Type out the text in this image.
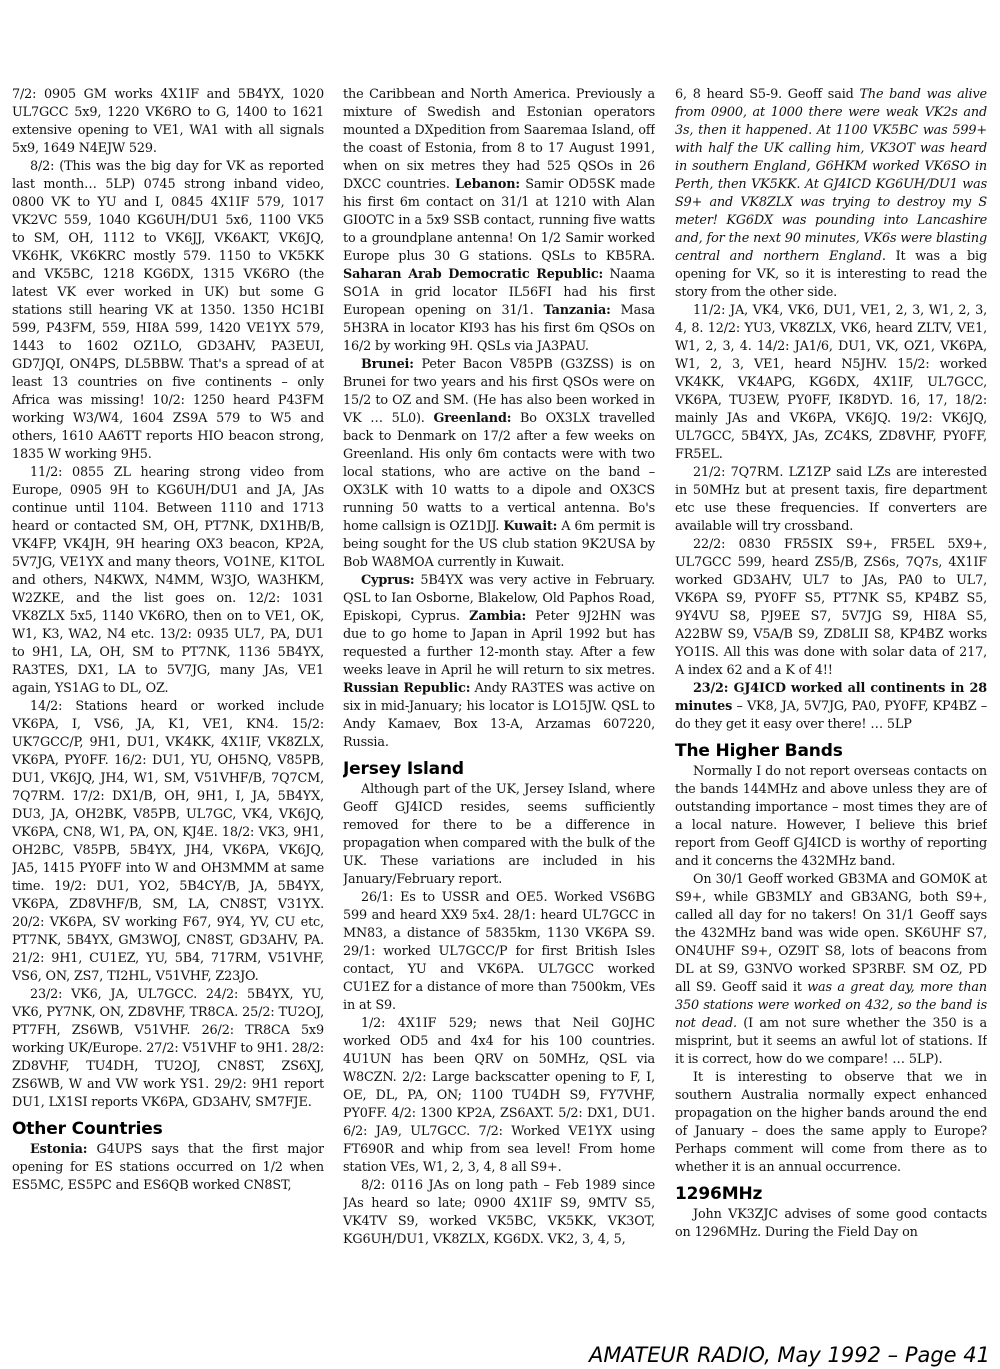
7/2: 0905 GM works 4X1IF and 5B4YX, 1020 UL7GCC 5x9, 1220 VK6RO to G, 1400 to 1621 extensive opening to VE1, WA1 with all signals 5x9, 1649 N4EJW 529.

8/2: (This was the big day for VK as reported last month… 5LP) 0745 strong inband video, 0800 VK to YU and I, 0845 4X1IF 579, 1017 VK2VC 559, 1040 KG6UH/DU1 5x6, 1100 VK5 to SM, OH, 1112 to VK6JJ, VK6AKT, VK6JQ, VK6HK, VK6KRC mostly 579. 1150 to VK5KK and VK5BC, 1218 KG6DX, 1315 VK6RO (the latest VK ever worked in UK) but some G stations still hearing VK at 1350. 1350 HC1BI 599, P43FM, 559, HI8A 599, 1420 VE1YX 579, 1443 to 1602 OZ1LO, GD3AHV, PA3EUI, GD7JQI, ON4PS, DL5BBW. That's a spread of at least 13 countries on five continents – only Africa was missing! 10/2: 1250 heard P43FM working W3/W4, 1604 ZS9A 579 to W5 and others, 1610 AA6TT reports HIO beacon strong, 1835 W working 9H5.

11/2: 0855 ZL hearing strong video from Europe, 0905 9H to KG6UH/DU1 and JA, JAs continue until 1104. Between 1110 and 1713 heard or contacted SM, OH, PT7NK, DX1HB/B, VK4FP, VK4JH, 9H hearing OX3 beacon, KP2A, 5V7JG, VE1YX and many theors, VO1NE, K1TOL and others, N4KWX, N4MM, W3JO, WA3HKM, W2ZKE, and the list goes on. 12/2: 1031 VK8ZLX 5x5, 1140 VK6RO, then on to VE1, OK, W1, K3, WA2, N4 etc. 13/2: 0935 UL7, PA, DU1 to 9H1, LA, OH, SM to PT7NK, 1136 5B4YX, RA3TES, DX1, LA to 5V7JG, many JAs, VE1 again, YS1AG to DL, OZ.

14/2: Stations heard or worked include VK6PA, I, VS6, JA, K1, VE1, KN4. 15/2: UK7GCC/P, 9H1, DU1, VK4KK, 4X1IF, VK8ZLX, VK6PA, PY0FF. 16/2: DU1, YU, OH5NQ, V85PB, DU1, VK6JQ, JH4, W1, SM, V51VHF/B, 7Q7CM, 7Q7RM. 17/2: DX1/B, OH, 9H1, I, JA, 5B4YX, DU3, JA, OH2BK, V85PB, UL7GC, VK4, VK6JQ, VK6PA, CN8, W1, PA, ON, KJ4E. 18/2: VK3, 9H1, OH2BC, V85PB, 5B4YX, JH4, VK6PA, VK6JQ, JA5, 1415 PY0FF into W and OH3MMM at same time. 19/2: DU1, YO2, 5B4CY/B, JA, 5B4YX, VK6PA, ZD8VHF/B, SM, LA, CN8ST, V31YX. 20/2: VK6PA, SV working F67, 9Y4, YV, CU etc, PT7NK, 5B4YX, GM3WOJ, CN8ST, GD3AHV, PA. 21/2: 9H1, CU1EZ, YU, 5B4, 717RM, V51VHF, VS6, ON, ZS7, TI2HL, V51VHF, Z23JO.

23/2: VK6, JA, UL7GCC. 24/2: 5B4YX, YU, VK6, PY7NK, ON, ZD8VHF, TR8CA. 25/2: TU2OJ, PT7FH, ZS6WB, V51VHF. 26/2: TR8CA 5x9 working UK/Europe. 27/2: V51VHF to 9H1. 28/2: ZD8VHF, TU4DH, TU2OJ, CN8ST, ZS6XJ, ZS6WB, W and VW work YS1. 29/2: 9H1 report DU1, LX1SI reports VK6PA, GD3AHV, SM7FJE.

Other Countries

Estonia: G4UPS says that the first major opening for ES stations occurred on 1/2 when ES5MC, ES5PC and ES6QB worked CN8ST,

the Caribbean and North America. Previously a mixture of Swedish and Estonian operators mounted a DXpedition from Saaremaa Island, off the coast of Estonia, from 8 to 17 August 1991, when on six metres they had 525 QSOs in 26 DXCC countries. Lebanon: Samir OD5SK made his first 6m contact on 31/1 at 1210 with Alan GI0OTC in a 5x9 SSB contact, running five watts to a groundplane antenna! On 1/2 Samir worked Europe plus 30 G stations. QSLs to KB5RA. Saharan Arab Democratic Republic: Naama SO1A in grid locator IL56FI had his first European opening on 31/1. Tanzania: Masa 5H3RA in locator KI93 has his first 6m QSOs on 16/2 by working 9H. QSLs via JA3PAU.

Brunei: Peter Bacon V85PB (G3ZSS) is on Brunei for two years and his first QSOs were on 15/2 to OZ and SM. (He has also been worked in VK … 5L0). Greenland: Bo OX3LX travelled back to Denmark on 17/2 after a few weeks on Greenland. His only 6m contacts were with two local stations, who are active on the band – OX3LK with 10 watts to a dipole and OX3CS running 50 watts to a vertical antenna. Bo's home callsign is OZ1DJJ. Kuwait: A 6m permit is being sought for the US club station 9K2USA by Bob WA8MOA currently in Kuwait.

Cyprus: 5B4YX was very active in February. QSL to Ian Osborne, Blakelow, Old Paphos Road, Episkopi, Cyprus. Zambia: Peter 9J2HN was due to go home to Japan in April 1992 but has requested a further 12-month stay. After a few weeks leave in April he will return to six metres. Russian Republic: Andy RA3TES was active on six in mid-January; his locator is LO15JW. QSL to Andy Kamaev, Box 13-A, Arzamas 607220, Russia.

Jersey Island

Although part of the UK, Jersey Island, where Geoff GJ4ICD resides, seems sufficiently removed for there to be a difference in propagation when compared with the bulk of the UK. These variations are included in his January/February report.

26/1: Es to USSR and OE5. Worked VS6BG 599 and heard XX9 5x4. 28/1: heard UL7GCC in MN83, a distance of 5835km, 1130 VK6PA S9. 29/1: worked UL7GCC/P for first British Isles contact, YU and VK6PA. UL7GCC worked CU1EZ for a distance of more than 7500km, VEs in at S9.

1/2: 4X1IF 529; news that Neil G0JHC worked OD5 and 4x4 for his 100 countries. 4U1UN has been QRV on 50MHz, QSL via W8CZN. 2/2: Large backscatter opening to F, I, OE, DL, PA, ON; 1100 TU4DH S9, FY7VHF, PY0FF. 4/2: 1300 KP2A, ZS6AXT. 5/2: DX1, DU1. 6/2: JA9, UL7GCC. 7/2: Worked VE1YX using FT690R and whip from sea level! From home station VEs, W1, 2, 3, 4, 8 all S9+.

8/2: 0116 JAs on long path – Feb 1989 since JAs heard so late; 0900 4X1IF S9, 9MTV S5, VK4TV S9, worked VK5BC, VK5KK, VK3OT, KG6UH/DU1, VK8ZLX, KG6DX. VK2, 3, 4, 5,

6, 8 heard S5-9. Geoff said The band was alive from 0900, at 1000 there were weak VK2s and 3s, then it happened. At 1100 VK5BC was 599+ with half the UK calling him, VK3OT was heard in southern England, G6HKM worked VK6SO in Perth, then VK5KK. At GJ4ICD KG6UH/DU1 was S9+ and VK8ZLX was trying to destroy my S meter! KG6DX was pounding into Lancashire and, for the next 90 minutes, VK6s were blasting central and northern England. It was a big opening for VK, so it is interesting to read the story from the other side.

11/2: JA, VK4, VK6, DU1, VE1, 2, 3, W1, 2, 3, 4, 8. 12/2: YU3, VK8ZLX, VK6, heard ZLTV, VE1, W1, 2, 3, 4. 14/2: JA1/6, DU1, VK, OZ1, VK6PA, W1, 2, 3, VE1, heard N5JHV. 15/2: worked VK4KK, VK4APG, KG6DX, 4X1IF, UL7GCC, VK6PA, TU3EW, PY0FF, IK8DYD. 16, 17, 18/2: mainly JAs and VK6PA, VK6JQ. 19/2: VK6JQ, UL7GCC, 5B4YX, JAs, ZC4KS, ZD8VHF, PY0FF, FR5EL.

21/2: 7Q7RM. LZ1ZP said LZs are interested in 50MHz but at present taxis, fire department etc use these frequencies. If converters are available will try crossband.

22/2: 0830 FR5SIX S9+, FR5EL 5X9+, UL7GCC 599, heard ZS5/B, ZS6s, 7Q7s, 4X1IF worked GD3AHV, UL7 to JAs, PA0 to UL7, VK6PA S9, PY0FF S5, PT7NK S5, KP4BZ S5, 9Y4VU S8, PJ9EE S7, 5V7JG S9, HI8A S5, A22BW S9, V5A/B S9, ZD8LII S8, KP4BZ works YO1IS. All this was done with solar data of 217, A index 62 and a K of 4!!

23/2: GJ4ICD worked all continents in 28 minutes – VK8, JA, 5V7JG, PA0, PY0FF, KP4BZ – do they get it easy over there! … 5LP

The Higher Bands

Normally I do not report overseas contacts on the bands 144MHz and above unless they are of outstanding importance – most times they are of a local nature. However, I believe this brief report from Geoff GJ4ICD is worthy of reporting and it concerns the 432MHz band.

On 30/1 Geoff worked GB3MA and GOM0K at S9+, while GB3MLY and GB3ANG, both S9+, called all day for no takers! On 31/1 Geoff says the 432MHz band was wide open. SK6UHF S7, ON4UHF S9+, OZ9IT S8, lots of beacons from DL at S9, G3NVO worked SP3RBF. SM OZ, PD all S9. Geoff said it was a great day, more than 350 stations were worked on 432, so the band is not dead. (I am not sure whether the 350 is a misprint, but it seems an awful lot of stations. If it is correct, how do we compare! … 5LP).

It is interesting to observe that we in southern Australia normally expect enhanced propagation on the higher bands around the end of January – does the same apply to Europe? Perhaps comment will come from there as to whether it is an annual occurrence.

1296MHz

John VK3ZJC advises of some good contacts on 1296MHz. During the Field Day on

AMATEUR RADIO, May 1992 – Page 41
